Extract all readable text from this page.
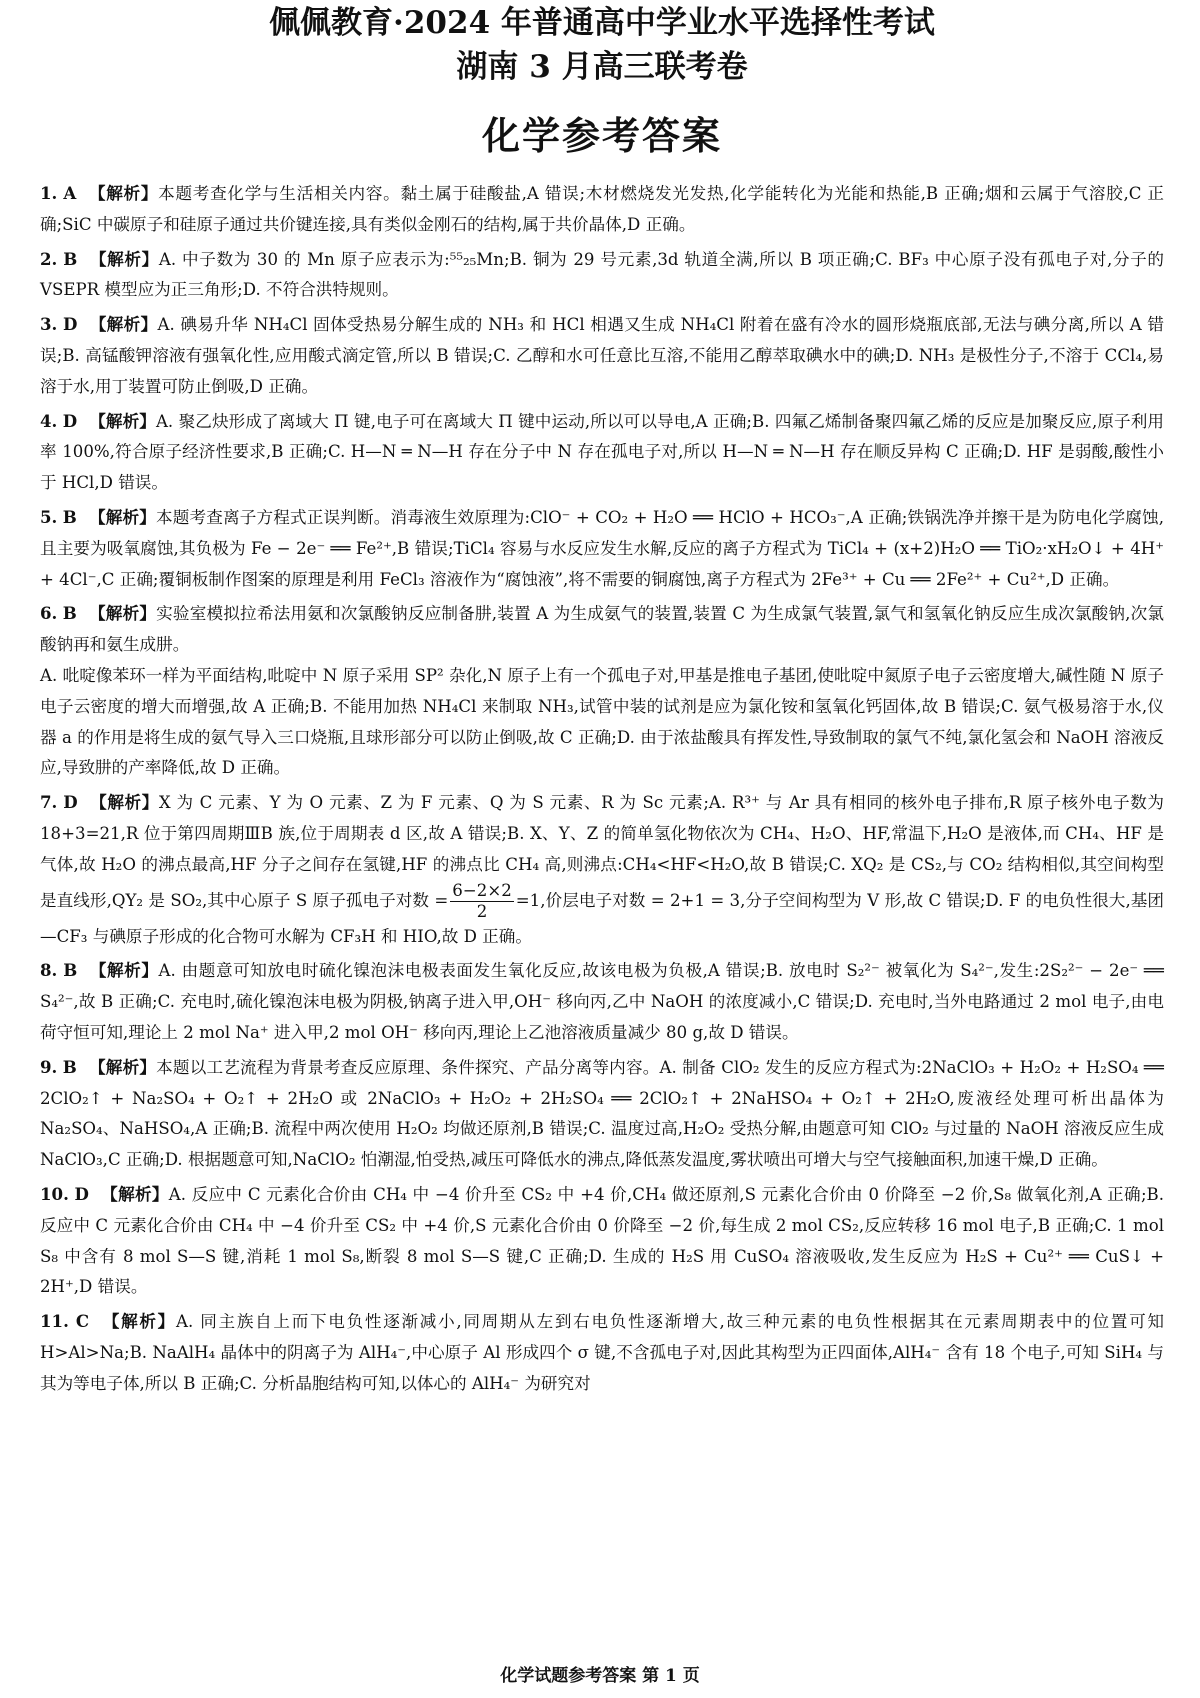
佩佩教育·2024 年普通高中学业水平选择性考试
湖南 3 月高三联考卷
化学参考答案

1. A 【解析】本题考查化学与生活相关内容。黏土属于硅酸盐,A 错误;木材燃烧发光发热,化学能转化为光能和热能,B 正确;烟和云属于气溶胶,C 正确;SiC 中碳原子和硅原子通过共价键连接,具有类似金刚石的结构,属于共价晶体,D 正确。

2. B 【解析】A. 中子数为 30 的 Mn 原子应表示为:⁵⁵₂₅Mn;B. 铜为 29 号元素,3d 轨道全满,所以 B 项正确;C. BF₃ 中心原子没有孤电子对,分子的 VSEPR 模型应为正三角形;D. 不符合洪特规则。

3. D 【解析】A. 碘易升华 NH₄Cl 固体受热易分解生成的 NH₃ 和 HCl 相遇又生成 NH₄Cl 附着在盛有冷水的圆形烧瓶底部,无法与碘分离,所以 A 错误;B. 高锰酸钾溶液有强氧化性,应用酸式滴定管,所以 B 错误;C. 乙醇和水可任意比互溶,不能用乙醇萃取碘水中的碘;D. NH₃ 是极性分子,不溶于 CCl₄,易溶于水,用丁装置可防止倒吸,D 正确。

4. D 【解析】A. 聚乙炔形成了离域大 Π 键,电子可在离域大 Π 键中运动,所以可以导电,A 正确;B. 四氟乙烯制备聚四氟乙烯的反应是加聚反应,原子利用率 100%,符合原子经济性要求,B 正确;C. H—N ═ N—H 存在分子中 N 存在孤电子对,所以 H—N ═ N—H 存在顺反异构 C 正确;D. HF 是弱酸,酸性小于 HCl,D 错误。

5. B 【解析】本题考查离子方程式正误判断。消毒液生效原理为:ClO⁻ + CO₂ + H₂O ══ HClO + HCO₃⁻,A 正确;铁锅洗净并擦干是为防电化学腐蚀,且主要为吸氧腐蚀,其负极为 Fe − 2e⁻ ══ Fe²⁺,B 错误;TiCl₄ 容易与水反应发生水解,反应的离子方程式为 TiCl₄ + (x+2)H₂O ══ TiO₂·xH₂O↓ + 4H⁺ + 4Cl⁻,C 正确;覆铜板制作图案的原理是利用 FeCl₃ 溶液作为“腐蚀液”,将不需要的铜腐蚀,离子方程式为 2Fe³⁺ + Cu ══ 2Fe²⁺ + Cu²⁺,D 正确。

6. B 【解析】实验室模拟拉希法用氨和次氯酸钠反应制备肼,装置 A 为生成氨气的装置,装置 C 为生成氯气装置,氯气和氢氧化钠反应生成次氯酸钠,次氯酸钠再和氨生成肼。

A. 吡啶像苯环一样为平面结构,吡啶中 N 原子采用 SP² 杂化,N 原子上有一个孤电子对,甲基是推电子基团,使吡啶中氮原子电子云密度增大,碱性随 N 原子电子云密度的增大而增强,故 A 正确;B. 不能用加热 NH₄Cl 来制取 NH₃,试管中装的试剂是应为氯化铵和氢氧化钙固体,故 B 错误;C. 氨气极易溶于水,仪器 a 的作用是将生成的氨气导入三口烧瓶,且球形部分可以防止倒吸,故 C 正确;D. 由于浓盐酸具有挥发性,导致制取的氯气不纯,氯化氢会和 NaOH 溶液反应,导致肼的产率降低,故 D 正确。

7. D 【解析】X 为 C 元素、Y 为 O 元素、Z 为 F 元素、Q 为 S 元素、R 为 Sc 元素;A. R³⁺ 与 Ar 具有相同的核外电子排布,R 原子核外电子数为 18+3=21,R 位于第四周期ⅢB 族,位于周期表 d 区,故 A 错误;B. X、Y、Z 的简单氢化物依次为 CH₄、H₂O、HF,常温下,H₂O 是液体,而 CH₄、HF 是气体,故 H₂O 的沸点最高,HF 分子之间存在氢键,HF 的沸点比 CH₄ 高,则沸点:CH₄<HF<H₂O,故 B 错误;C. XQ₂ 是 CS₂,与 CO₂ 结构相似,其空间构型是直线形,QY₂ 是 SO₂,其中心原子 S 原子孤电子对数 = $\frac{6-2\times 2}{2} =1$,价层电子对数 = 2+1 = 3,分子空间构型为 V 形,故 C 错误;D. F 的电负性很大,基团—CF₃ 与碘原子形成的化合物可水解为 CF₃H 和 HIO,故 D 正确。

8. B 【解析】A. 由题意可知放电时硫化镍泡沫电极表面发生氧化反应,故该电极为负极,A 错误;B. 放电时 S₂²⁻ 被氧化为 S₄²⁻,发生:2S₂²⁻ − 2e⁻ ══ S₄²⁻,故 B 正确;C. 充电时,硫化镍泡沫电极为阴极,钠离子进入甲,OH⁻ 移向丙,乙中 NaOH 的浓度减小,C 错误;D. 充电时,当外电路通过 2 mol 电子,由电荷守恒可知,理论上 2 mol Na⁺ 进入甲,2 mol OH⁻ 移向丙,理论上乙池溶液质量减少 80 g,故 D 错误。

9. B 【解析】本题以工艺流程为背景考查反应原理、条件探究、产品分离等内容。A. 制备 ClO₂ 发生的反应方程式为:2NaClO₃ + H₂O₂ + H₂SO₄ ══ 2ClO₂↑ + Na₂SO₄ + O₂↑ + 2H₂O 或 2NaClO₃ + H₂O₂ + 2H₂SO₄ ══ 2ClO₂↑ + 2NaHSO₄ + O₂↑ + 2H₂O,废液经处理可析出晶体为 Na₂SO₄、NaHSO₄,A 正确;B. 流程中两次使用 H₂O₂ 均做还原剂,B 错误;C. 温度过高,H₂O₂ 受热分解,由题意可知 ClO₂ 与过量的 NaOH 溶液反应生成 NaClO₃,C 正确;D. 根据题意可知,NaClO₂ 怕潮湿,怕受热,减压可降低水的沸点,降低蒸发温度,雾状喷出可增大与空气接触面积,加速干燥,D 正确。

10. D 【解析】A. 反应中 C 元素化合价由 CH₄ 中 −4 价升至 CS₂ 中 +4 价,CH₄ 做还原剂,S 元素化合价由 0 价降至 −2 价,S₈ 做氧化剂,A 正确;B. 反应中 C 元素化合价由 CH₄ 中 −4 价升至 CS₂ 中 +4 价,S 元素化合价由 0 价降至 −2 价,每生成 2 mol CS₂,反应转移 16 mol 电子,B 正确;C. 1 mol S₈ 中含有 8 mol S—S 键,消耗 1 mol S₈,断裂 8 mol S—S 键,C 正确;D. 生成的 H₂S 用 CuSO₄ 溶液吸收,发生反应为 H₂S + Cu²⁺ ══ CuS↓ + 2H⁺,D 错误。

11. C 【解析】A. 同主族自上而下电负性逐渐减小,同周期从左到右电负性逐渐增大,故三种元素的电负性根据其在元素周期表中的位置可知 H>Al>Na;B. NaAlH₄ 晶体中的阴离子为 AlH₄⁻,中心原子 Al 形成四个 σ 键,不含孤电子对,因此其构型为正四面体,AlH₄⁻ 含有 18 个电子,可知 SiH₄ 与其为等电子体,所以 B 正确;C. 分析晶胞结构可知,以体心的 AlH₄⁻ 为研究对

化学试题参考答案 第 1 页
